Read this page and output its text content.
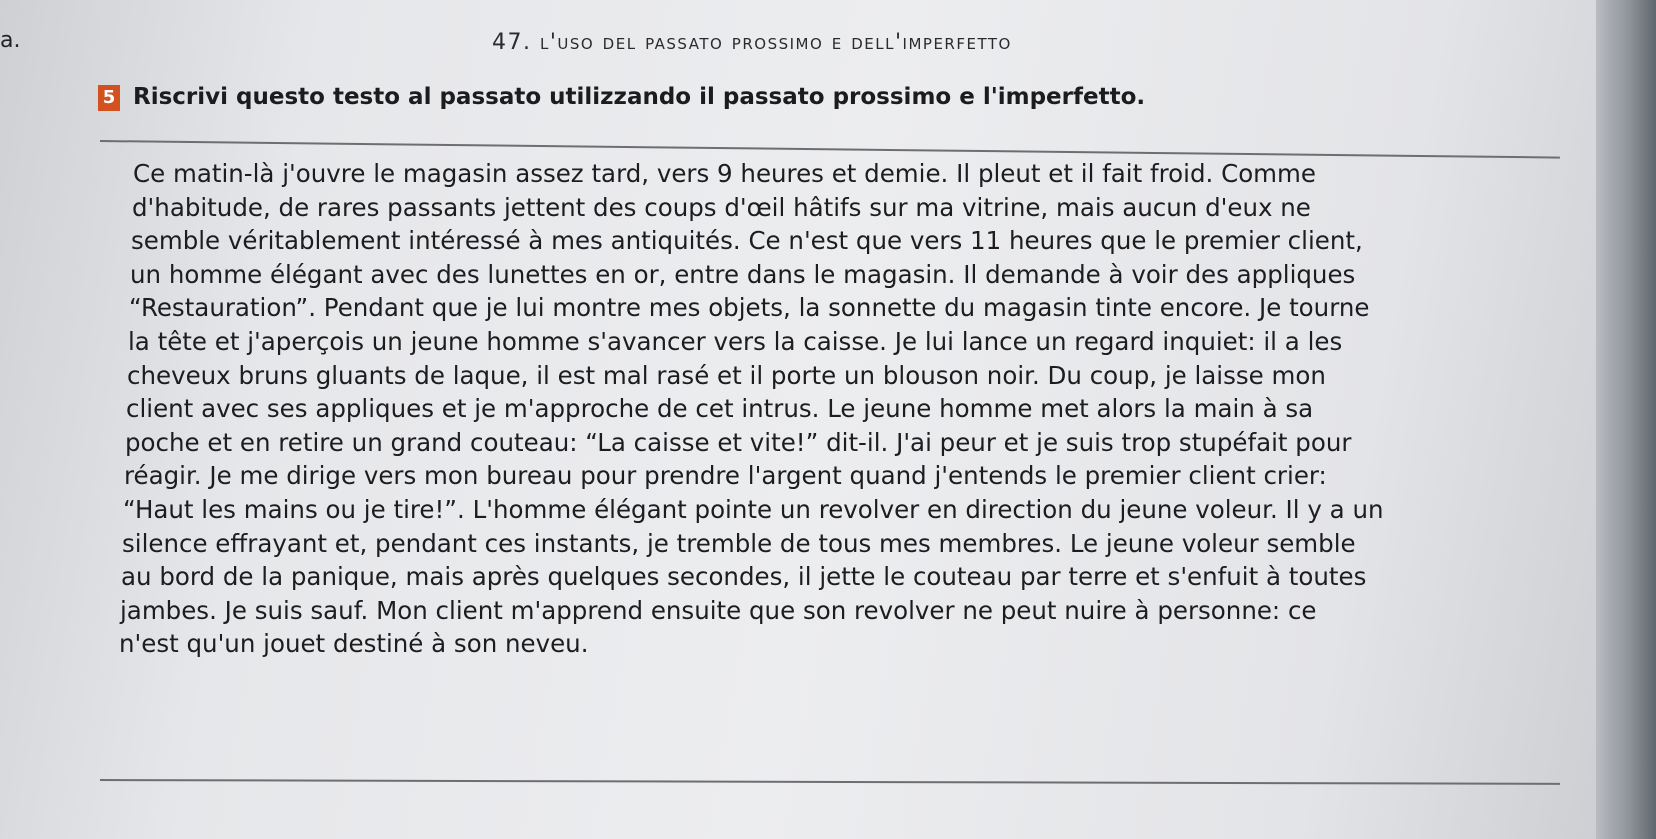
a.	47. l'uso del passato prossimo e dell'imperfetto
5 Riscrivi questo testo al passato utilizzando il passato prossimo e l'imperfetto.
Ce matin-là j'ouvre le magasin assez tard, vers 9 heures et demie. Il pleut et il fait froid. Comme
d'habitude, de rares passants jettent des coups d'œil hâtifs sur ma vitrine, mais aucun d'eux ne
semble véritablement intéressé à mes antiquités. Ce n'est que vers 11 heures que le premier client,
un homme élégant avec des lunettes en or, entre dans le magasin. Il demande à voir des appliques
“Restauration”. Pendant que je lui montre mes objets, la sonnette du magasin tinte encore. Je tourne
la tête et j'aperçois un jeune homme s'avancer vers la caisse. Je lui lance un regard inquiet: il a les
cheveux bruns gluants de laque, il est mal rasé et il porte un blouson noir. Du coup, je laisse mon
client avec ses appliques et je m'approche de cet intrus. Le jeune homme met alors la main à sa
poche et en retire un grand couteau: “La caisse et vite!” dit-il. J'ai peur et je suis trop stupéfait pour
réagir. Je me dirige vers mon bureau pour prendre l'argent quand j'entends le premier client crier:
“Haut les mains ou je tire!”. L'homme élégant pointe un revolver en direction du jeune voleur. Il y a un
silence effrayant et, pendant ces instants, je tremble de tous mes membres. Le jeune voleur semble
au bord de la panique, mais après quelques secondes, il jette le couteau par terre et s'enfuit à toutes
jambes. Je suis sauf. Mon client m'apprend ensuite que son revolver ne peut nuire à personne: ce
n'est qu'un jouet destiné à son neveu.
